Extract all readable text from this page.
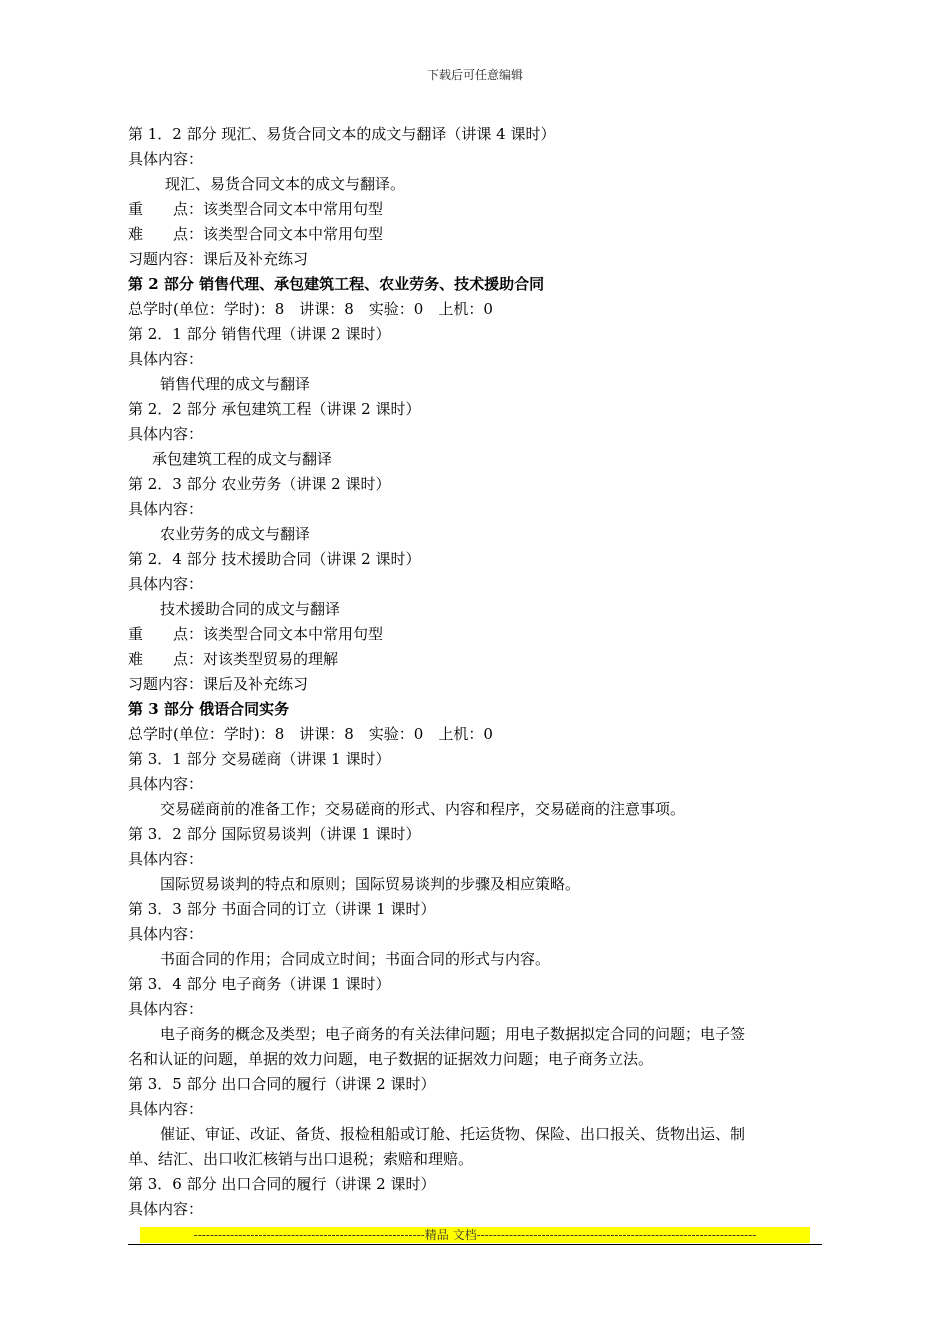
下载后可任意编辑
第 1．2 部分 现汇、易货合同文本的成文与翻译（讲课 4 课时）
具体内容：
现汇、易货合同文本的成文与翻译。
重　　点：该类型合同文本中常用句型
难　　点：该类型合同文本中常用句型
习题内容：课后及补充练习
第 2 部分 销售代理、承包建筑工程、农业劳务、技术援助合同
总学时(单位：学时)：8　讲课：8　实验：0　上机：0
第 2．1 部分 销售代理（讲课 2 课时）
具体内容：
销售代理的成文与翻译
第 2．2 部分 承包建筑工程（讲课 2 课时）
具体内容：
承包建筑工程的成文与翻译
第 2．3 部分 农业劳务（讲课 2 课时）
具体内容：
农业劳务的成文与翻译
第 2．4 部分 技术援助合同（讲课 2 课时）
具体内容：
技术援助合同的成文与翻译
重　　点：该类型合同文本中常用句型
难　　点：对该类型贸易的理解
习题内容：课后及补充练习
第 3 部分 俄语合同实务
总学时(单位：学时)：8　讲课：8　实验：0　上机：0
第 3．1 部分 交易磋商（讲课 1 课时）
具体内容：
交易磋商前的准备工作；交易磋商的形式、内容和程序，交易磋商的注意事项。
第 3．2 部分 国际贸易谈判（讲课 1 课时）
具体内容：
国际贸易谈判的特点和原则；国际贸易谈判的步骤及相应策略。
第 3．3 部分 书面合同的订立（讲课 1 课时）
具体内容：
书面合同的作用；合同成立时间；书面合同的形式与内容。
第 3．4 部分 电子商务（讲课 1 课时）
具体内容：
电子商务的概念及类型；电子商务的有关法律问题；用电子数据拟定合同的问题；电子签
名和认证的问题，单据的效力问题，电子数据的证据效力问题；电子商务立法。
第 3．5 部分 出口合同的履行（讲课 2 课时）
具体内容：
催证、审证、改证、备货、报检租船或订舱、托运货物、保险、出口报关、货物出运、制
单、结汇、出口收汇核销与出口退税；索赔和理赔。
第 3．6 部分 出口合同的履行（讲课 2 课时）
具体内容：
---------------------------------------------------------精品 文档---------------------------------------------------------------------
